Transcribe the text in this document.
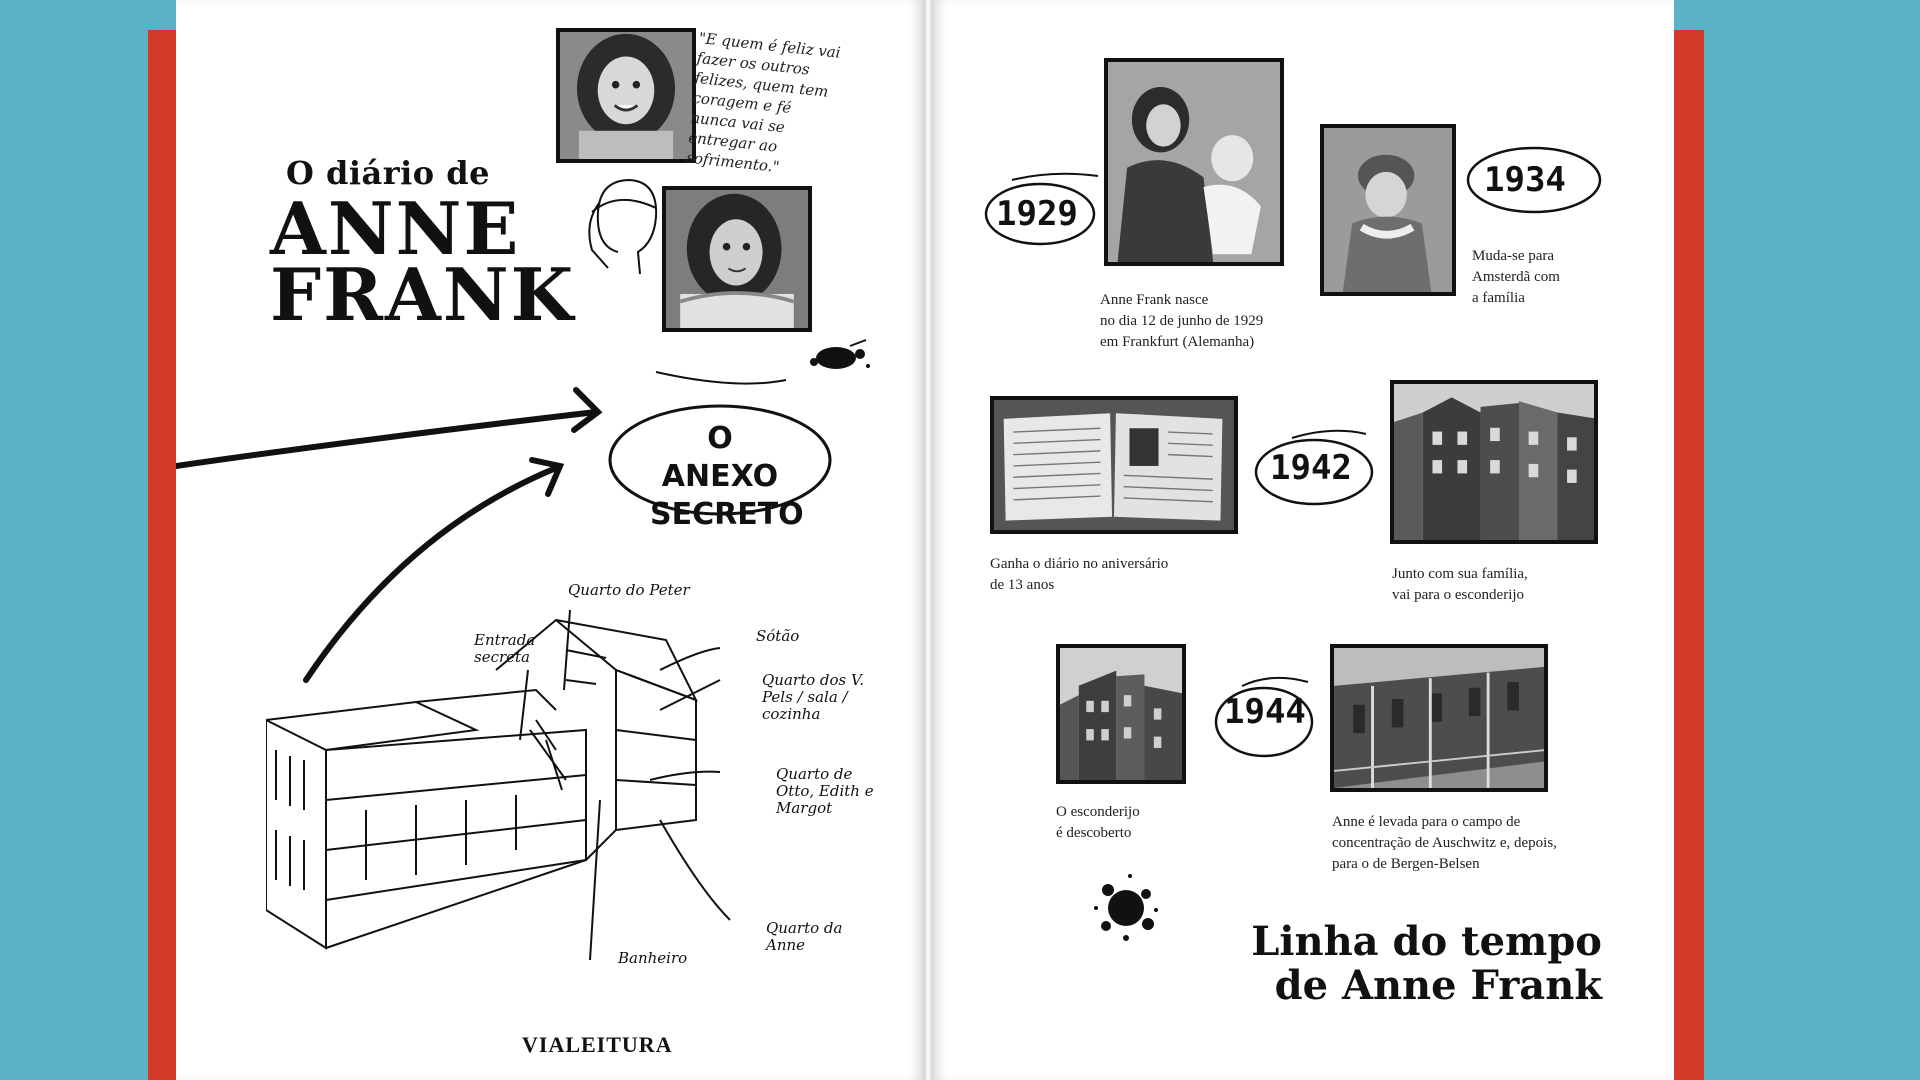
"E quem é feliz vai fazer os outros felizes, quem tem coragem e fé nunca vai se entregar ao sofrimento."
O diário de
ANNE
FRANK
O ANEXO
SECRETO
Entrada secreta
Quarto do Peter
Sótão
Quarto dos V. Pels / sala / cozinha
Quarto de Otto, Edith e Margot
Banheiro
Quarto da Anne
VIALEITURA
1929
Anne Frank nasce
no dia 12 de junho de 1929
em Frankfurt (Alemanha)
1934
Muda-se para
Amsterdã com
a família
1942
Ganha o diário no aniversário
de 13 anos
Junto com sua família,
vai para o esconderijo
1944
O esconderijo
é descoberto
Anne é levada para o campo de
concentração de Auschwitz e, depois,
para o de Bergen-Belsen
Linha do tempo
de Anne Frank
